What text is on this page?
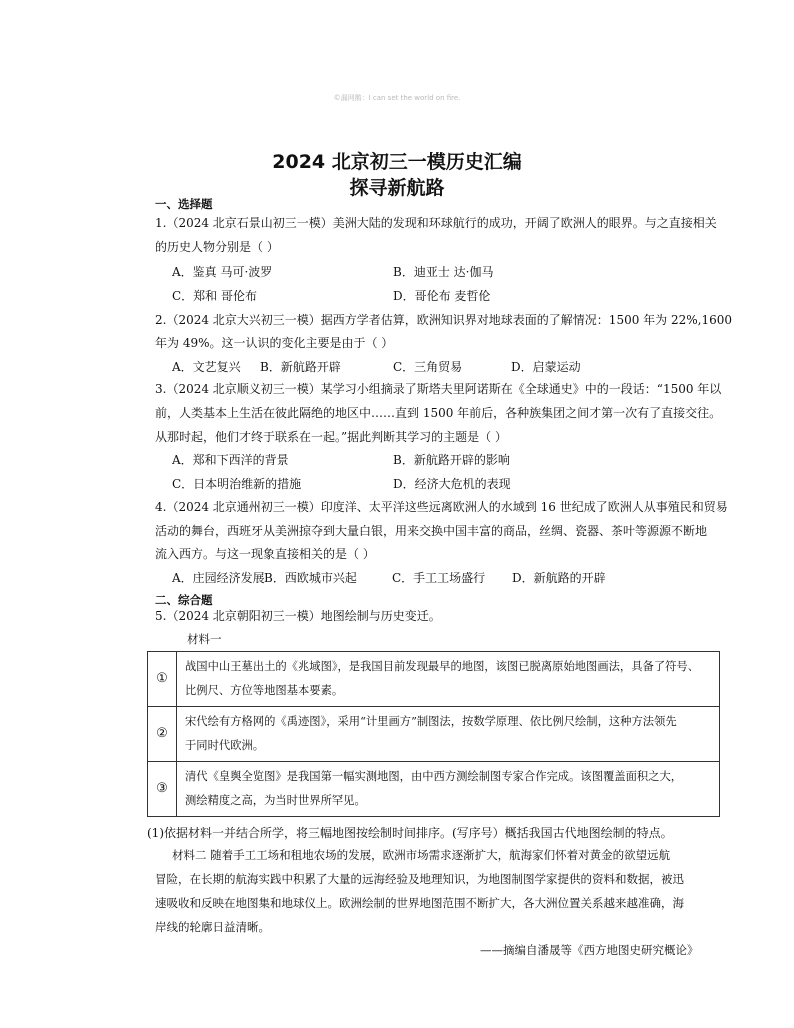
©漏网鹅：I can set the world on fire.
2024 北京初三一模历史汇编
探寻新航路
一、选择题
1.（2024 北京石景山初三一模）美洲大陆的发现和环球航行的成功，开阔了欧洲人的眼界。与之直接相关
的历史人物分别是（ ）
A．鉴真 马可·波罗	B．迪亚士 达·伽马
C．郑和 哥伦布	D．哥伦布 麦哲伦
2.（2024 北京大兴初三一模）据西方学者估算，欧洲知识界对地球表面的了解情况：1500 年为 22%,1600
年为 49%。这一认识的变化主要是由于（ ）
A．文艺复兴 B．新航路开辟	C．三角贸易	D．启蒙运动
3.（2024 北京顺义初三一模）某学习小组摘录了斯塔夫里阿诺斯在《全球通史》中的一段话：“1500 年以
前，人类基本上生活在彼此隔绝的地区中……直到 1500 年前后，各种族集团之间才第一次有了直接交往。
从那时起，他们才终于联系在一起。”据此判断其学习的主题是（ ）
A．郑和下西洋的背景	B．新航路开辟的影响
C．日本明治维新的措施	D．经济大危机的表现
4.（2024 北京通州初三一模）印度洋、太平洋这些远离欧洲人的水域到 16 世纪成了欧洲人从事殖民和贸易
活动的舞台，西班牙从美洲掠夺到大量白银，用来交换中国丰富的商品，丝绸、瓷器、茶叶等源源不断地
流入西方。与这一现象直接相关的是（ ）
A．庄园经济发展 B．西欧城市兴起	C．手工工场盛行 D．新航路的开辟
二、综合题
5.（2024 北京朝阳初三一模）地图绘制与历史变迁。
材料一
①	战国中山王墓出土的《兆域图》，是我国目前发现最早的地图，该图已脱离原始地图画法，具备了符号、
比例尺、方位等地图基本要素。

②	宋代绘有方格网的《禹迹图》，采用“计里画方”制图法，按数学原理、依比例尺绘制，这种方法领先
于同时代欧洲。

③	清代《皇舆全览图》是我国第一幅实测地图，由中西方测绘制图专家合作完成。该图覆盖面积之大，
测绘精度之高，为当时世界所罕见。
(1)依据材料一并结合所学，将三幅地图按绘制时间排序。(写序号）概括我国古代地图绘制的特点。
材料二 随着手工工场和租地农场的发展，欧洲市场需求逐渐扩大，航海家们怀着对黄金的欲望远航
冒险，在长期的航海实践中积累了大量的远海经验及地理知识，为地图制图学家提供的资料和数据，被迅
速吸收和反映在地图集和地球仪上。欧洲绘制的世界地图范围不断扩大，各大洲位置关系越来越准确，海
岸线的轮廓日益清晰。
——摘编自潘晟等《西方地图史研究概论》
